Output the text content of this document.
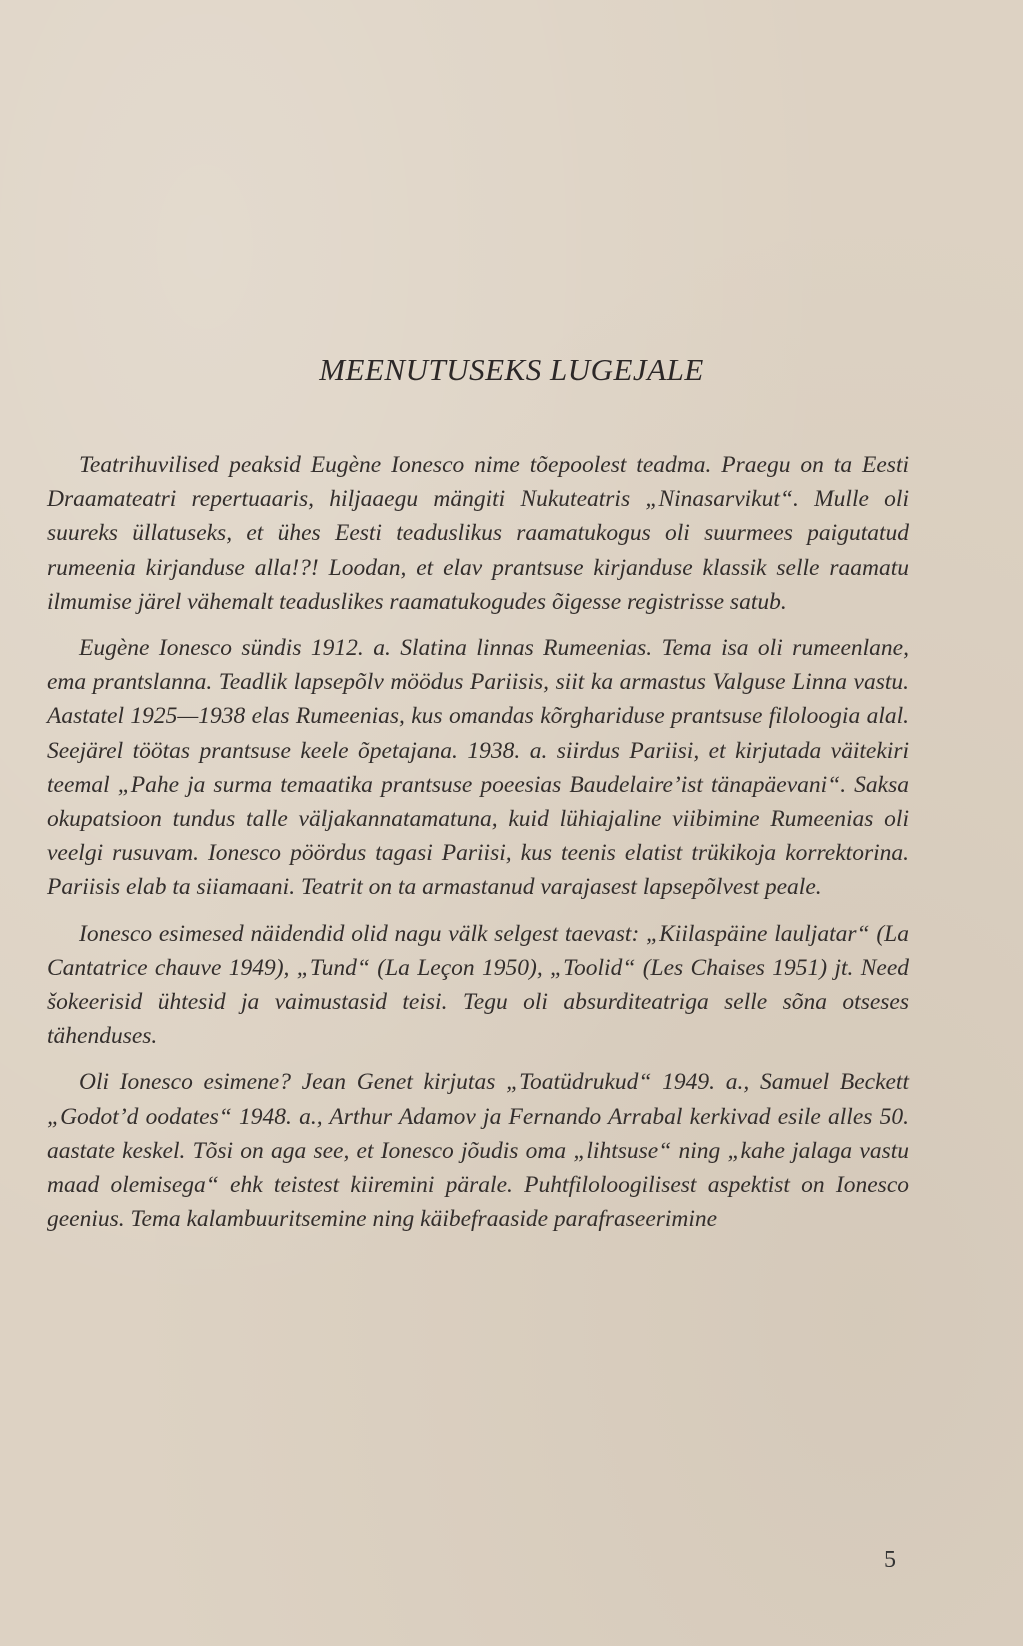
MEENUTUSEKS LUGEJALE

Teatrihuvilised peaksid Eugène Ionesco nime tõepoolest teadma. Praegu on ta Eesti Draamateatri repertuaaris, hiljaaegu mängiti Nukuteatris „Ninasarvikut“. Mulle oli suureks üllatuseks, et ühes Eesti teaduslikus raamatukogus oli suurmees paigutatud rumeenia kirjanduse alla!?! Loodan, et elav prantsuse kirjanduse klassik selle raamatu ilmumise järel vähemalt teaduslikes raamatukogudes õigesse registrisse satub.

Eugène Ionesco sündis 1912. a. Slatina linnas Rumeenias. Tema isa oli rumeenlane, ema prantslanna. Teadlik lapsepõlv möödus Pariisis, siit ka armastus Valguse Linna vastu. Aastatel 1925—1938 elas Rumeenias, kus omandas kõrghariduse prantsuse filoloogia alal. Seejärel töötas prantsuse keele õpetajana. 1938. a. siirdus Pariisi, et kirjutada väitekiri teemal „Pahe ja surma temaatika prantsuse poeesias Baudelaire’ist tänapäevani“. Saksa okupatsioon tundus talle väljakannatamatuna, kuid lühiajaline viibimine Rumeenias oli veelgi rusuvam. Ionesco pöördus tagasi Pariisi, kus teenis elatist trükikoja korrektorina. Pariisis elab ta siiamaani. Teatrit on ta armastanud varajasest lapsepõlvest peale.

Ionesco esimesed näidendid olid nagu välk selgest taevast: „Kiilaspäine lauljatar“ (La Cantatrice chauve 1949), „Tund“ (La Leçon 1950), „Toolid“ (Les Chaises 1951) jt. Need šokeerisid ühtesid ja vaimustasid teisi. Tegu oli absurditeatriga selle sõna otseses tähenduses.

Oli Ionesco esimene? Jean Genet kirjutas „Toatüdrukud“ 1949. a., Samuel Beckett „Godot’d oodates“ 1948. a., Arthur Adamov ja Fernando Arrabal kerkivad esile alles 50. aastate keskel. Tõsi on aga see, et Ionesco jõudis oma „lihtsuse“ ning „kahe jalaga vastu maad olemisega“ ehk teistest kiiremini pärale. Puhtfiloloogilisest aspektist on Ionesco geenius. Tema kalambuuritsemine ning käibefraaside parafraseerimine

5
